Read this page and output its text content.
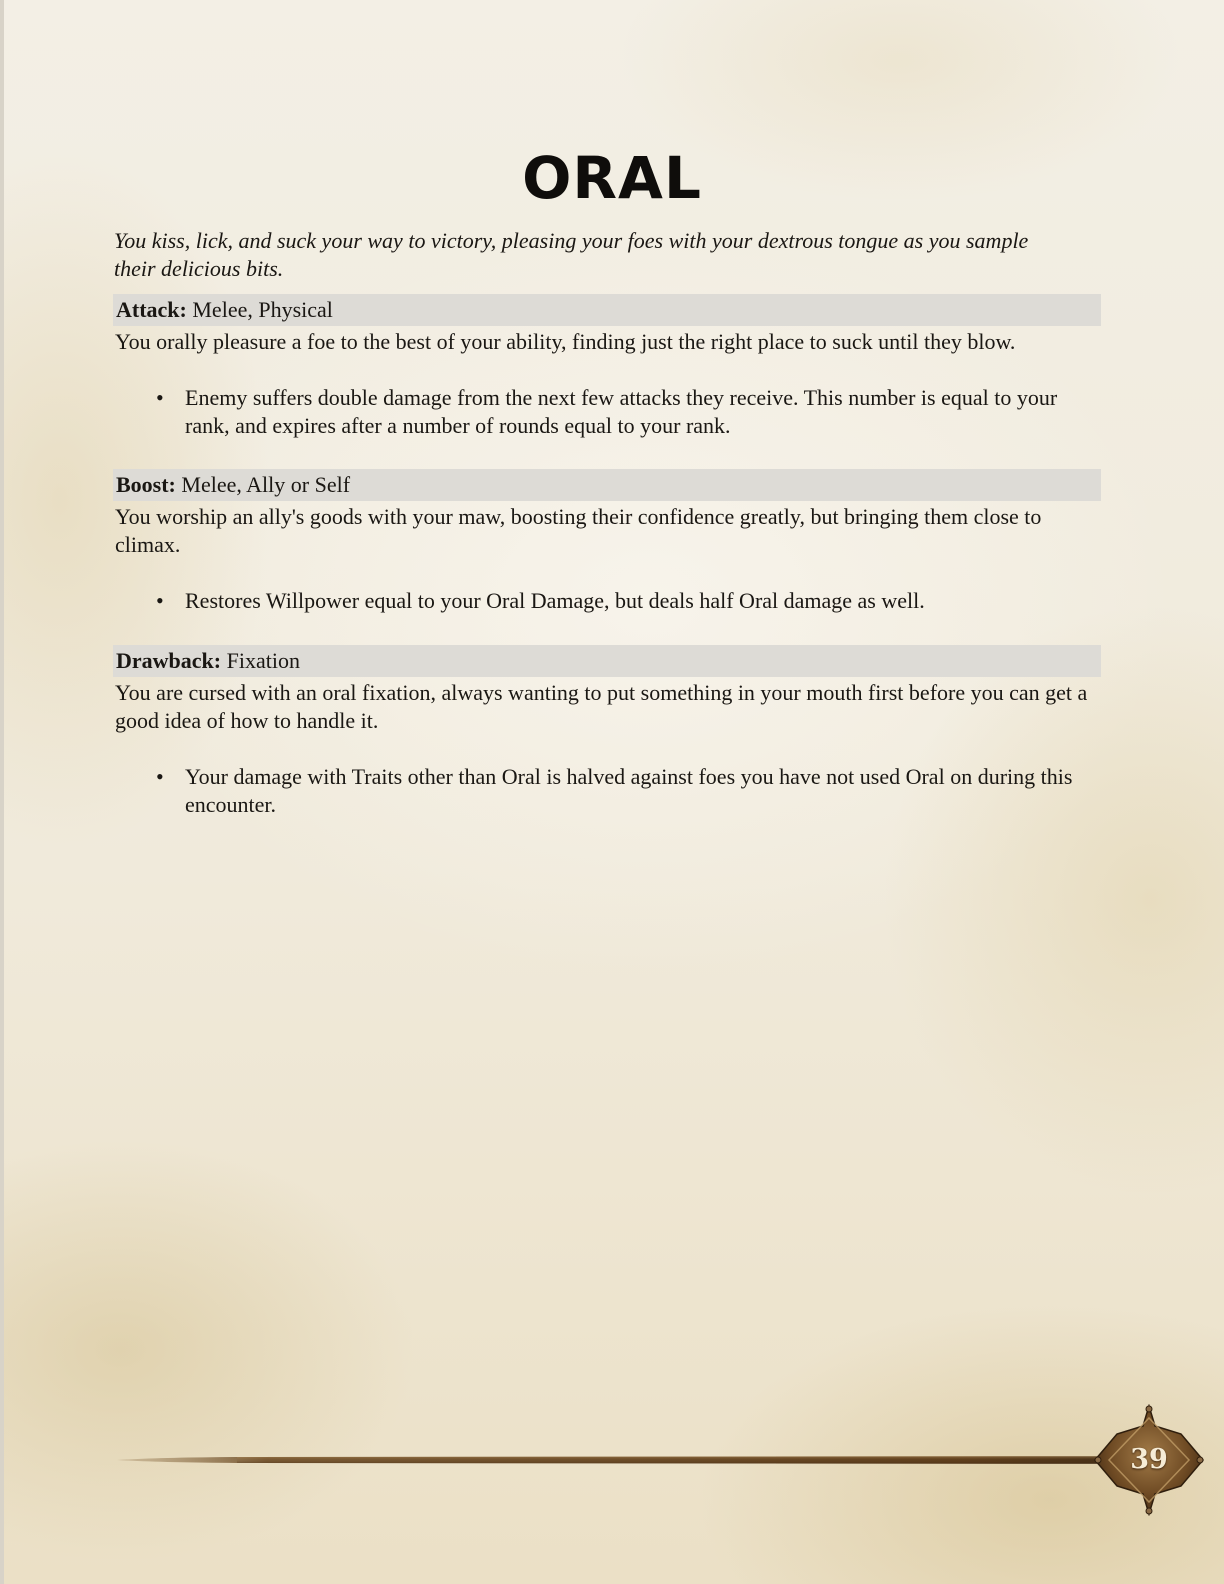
ORAL

You kiss, lick, and suck your way to victory, pleasing your foes with your dextrous tongue as you sample their delicious bits.

Attack: Melee, Physical

You orally pleasure a foe to the best of your ability, finding just the right place to suck until they blow.

• Enemy suffers double damage from the next few attacks they receive. This number is equal to your rank, and expires after a number of rounds equal to your rank.
Boost: Melee, Ally or Self

You worship an ally's goods with your maw, boosting their confidence greatly, but bringing them close to climax.

• Restores Willpower equal to your Oral Damage, but deals half Oral damage as well.
Drawback: Fixation

You are cursed with an oral fixation, always wanting to put something in your mouth first before you can get a good idea of how to handle it.

• Your damage with Traits other than Oral is halved against foes you have not used Oral on during this encounter.
39
